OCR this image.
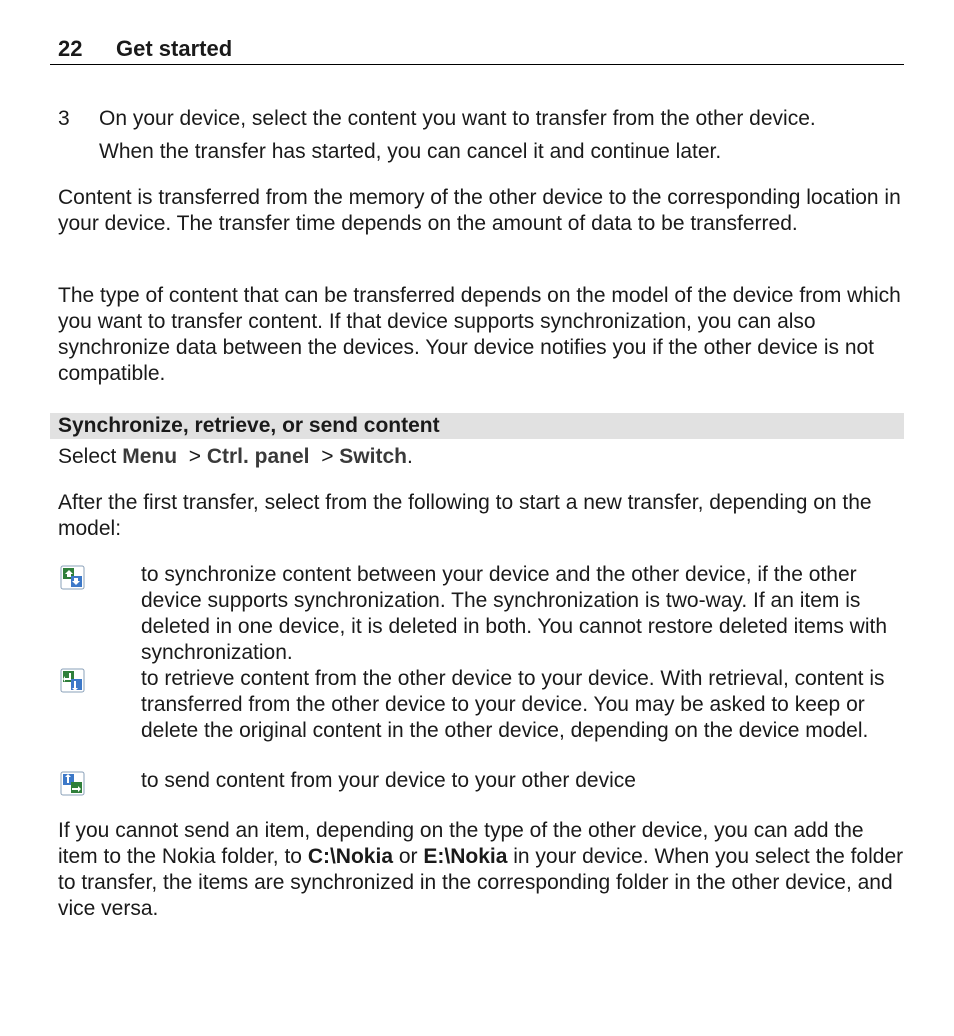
22 Get started
3 On your device, select the content you want to transfer from the other device.

When the transfer has started, you can cancel it and continue later.

Content is transferred from the memory of the other device to the corresponding location in your device. The transfer time depends on the amount of data to be transferred.

The type of content that can be transferred depends on the model of the device from which you want to transfer content. If that device supports synchronization, you can also synchronize data between the devices. Your device notifies you if the other device is not compatible.

Synchronize, retrieve, or send content

Select Menu > Ctrl. panel > Switch.

After the first transfer, select from the following to start a new transfer, depending on the model:

to synchronize content between your device and the other device, if the other device supports synchronization. The synchronization is two-way. If an item is deleted in one device, it is deleted in both. You cannot restore deleted items with synchronization.

to retrieve content from the other device to your device. With retrieval, content is transferred from the other device to your device. You may be asked to keep or delete the original content in the other device, depending on the device model.

to send content from your device to your other device

If you cannot send an item, depending on the type of the other device, you can add the item to the Nokia folder, to C:\Nokia or E:\Nokia in your device. When you select the folder to transfer, the items are synchronized in the corresponding folder in the other device, and vice versa.
